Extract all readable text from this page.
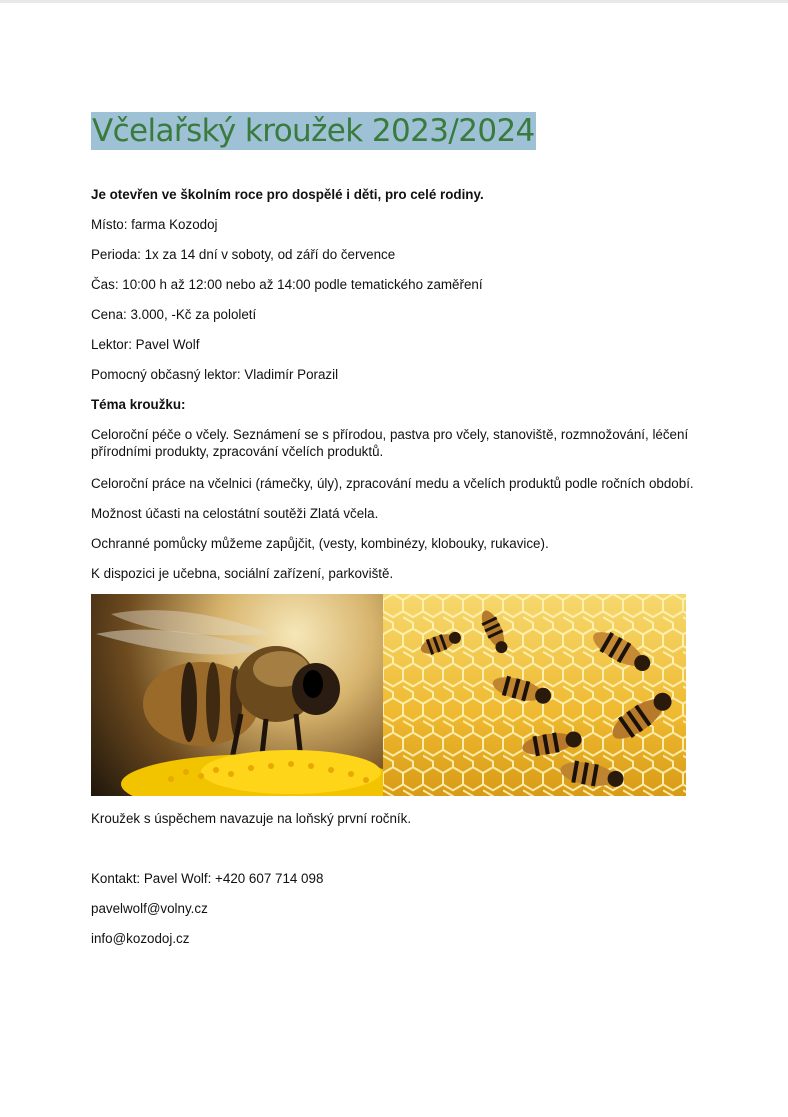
Včelařský kroužek 2023/2024
Je otevřen ve školním roce pro dospělé i děti, pro celé rodiny.
Místo: farma Kozodoj
Perioda: 1x za 14 dní v soboty, od září do července
Čas: 10:00 h až 12:00 nebo až 14:00 podle tematického zaměření
Cena: 3.000, -Kč za pololetí
Lektor: Pavel Wolf
Pomocný občasný lektor: Vladimír Porazil
Téma kroužku:
Celoroční péče o včely. Seznámení se s přírodou, pastva pro včely, stanoviště, rozmnožování, léčení přírodními produkty, zpracování včelích produktů.
Celoroční práce na včelnici (rámečky, úly), zpracování medu a včelích produktů podle ročních období.
Možnost účasti na celostátní soutěži Zlatá včela.
Ochranné pomůcky můžeme zapůjčit, (vesty, kombinézy, klobouky, rukavice).
K dispozici je učebna, sociální zařízení, parkoviště.
Kroužek s úspěchem navazuje na loňský první ročník.
Kontakt: Pavel Wolf: +420 607 714 098
pavelwolf@volny.cz
info@kozodoj.cz
